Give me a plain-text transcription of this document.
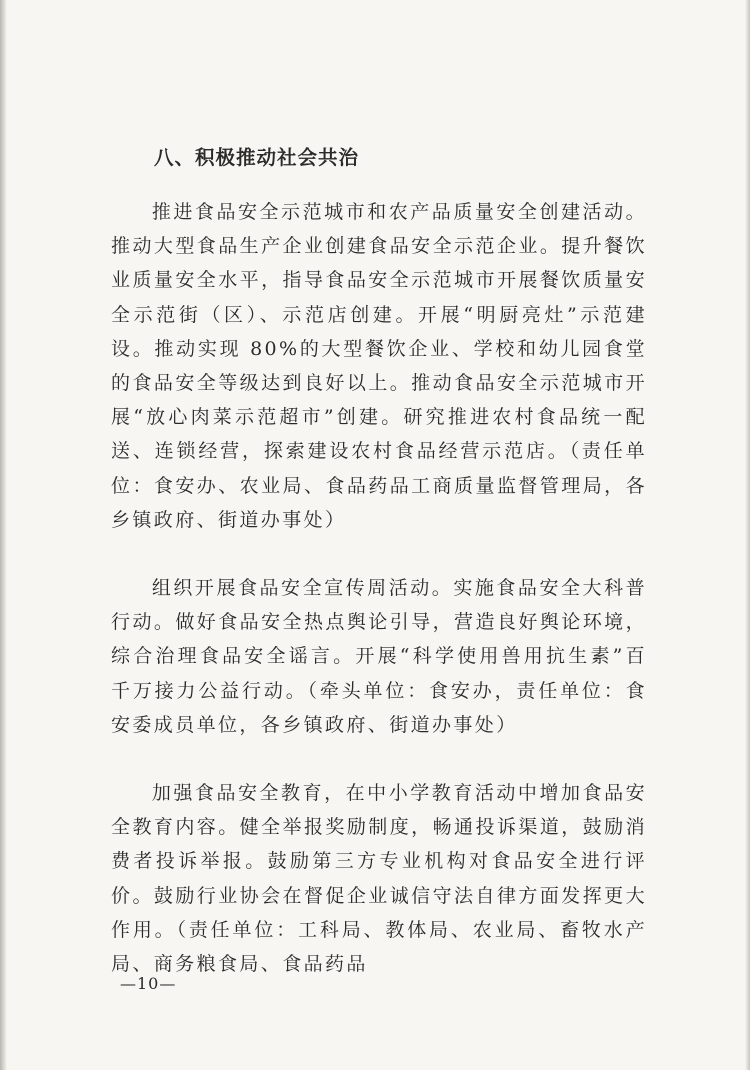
八、积极推动社会共治

推进食品安全示范城市和农产品质量安全创建活动。推动大型食品生产企业创建食品安全示范企业。提升餐饮业质量安全水平，指导食品安全示范城市开展餐饮质量安全示范街（区）、示范店创建。开展“明厨亮灶”示范建设。推动实现 80%的大型餐饮企业、学校和幼儿园食堂的食品安全等级达到良好以上。推动食品安全示范城市开展“放心肉菜示范超市”创建。研究推进农村食品统一配送、连锁经营，探索建设农村食品经营示范店。（责任单位：食安办、农业局、食品药品工商质量监督管理局，各乡镇政府、街道办事处）

组织开展食品安全宣传周活动。实施食品安全大科普行动。做好食品安全热点舆论引导，营造良好舆论环境，综合治理食品安全谣言。开展“科学使用兽用抗生素”百千万接力公益行动。（牵头单位：食安办，责任单位：食安委成员单位，各乡镇政府、街道办事处）

加强食品安全教育，在中小学教育活动中增加食品安全教育内容。健全举报奖励制度，畅通投诉渠道，鼓励消费者投诉举报。鼓励第三方专业机构对食品安全进行评价。鼓励行业协会在督促企业诚信守法自律方面发挥更大作用。（责任单位：工科局、教体局、农业局、畜牧水产局、商务粮食局、食品药品

—10—
